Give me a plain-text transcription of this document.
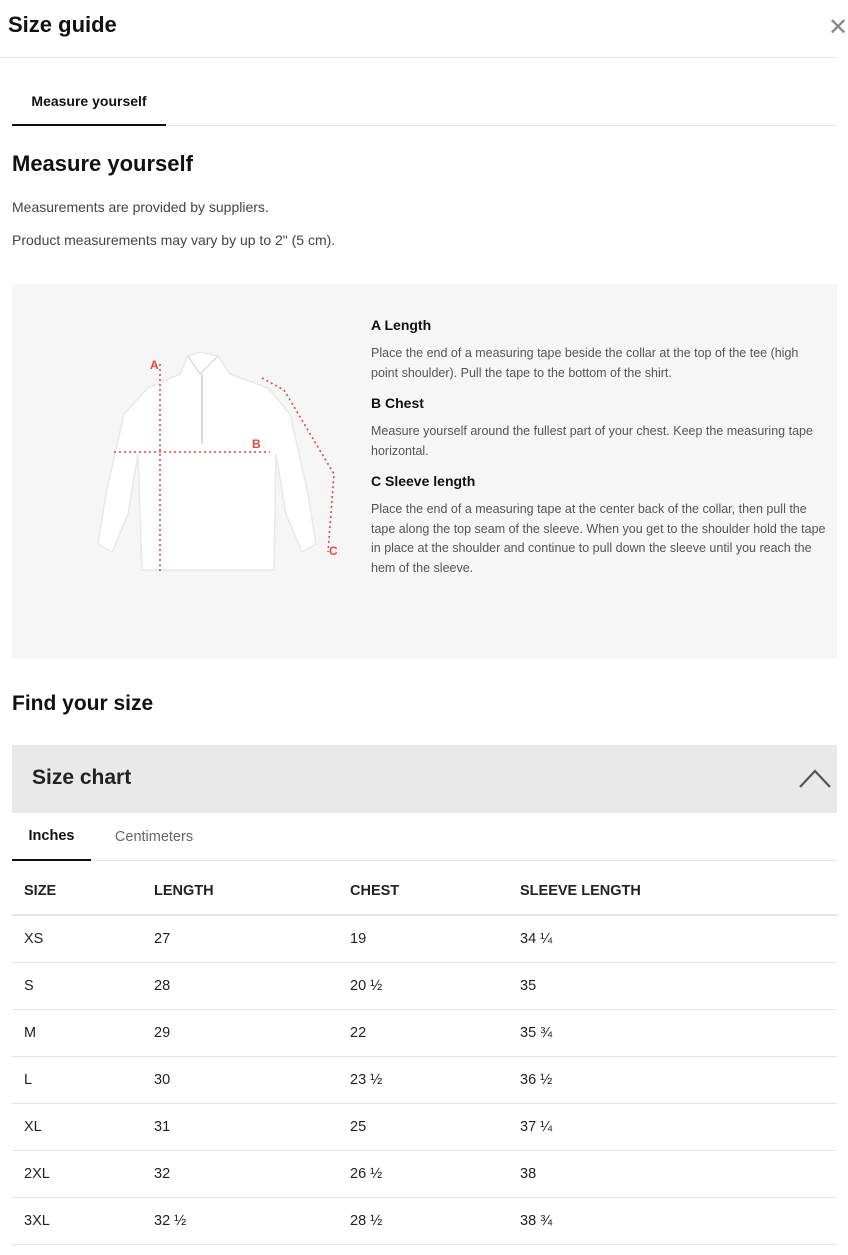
Size guide	✕
Measure yourself
Measure yourself
Measurements are provided by suppliers.
Product measurements may vary by up to 2" (5 cm).
A
B
C
A Length
Place the end of a measuring tape beside the collar at the top of the tee (high point shoulder). Pull the tape to the bottom of the shirt.
B Chest
Measure yourself around the fullest part of your chest. Keep the measuring tape horizontal.
C Sleeve length
Place the end of a measuring tape at the center back of the collar, then pull the tape along the top seam of the sleeve. When you get to the shoulder hold the tape in place at the shoulder and continue to pull down the sleeve until you reach the hem of the sleeve.
Find your size
Size chart
Inches	Centimeters
SIZE	LENGTH	CHEST	SLEEVE LENGTH
XS	27	19	34 ¼
S	28	20 ½	35
M	29	22	35 ¾
L	30	23 ½	36 ½
XL	31	25	37 ¼
2XL	32	26 ½	38
3XL	32 ½	28 ½	38 ¾
